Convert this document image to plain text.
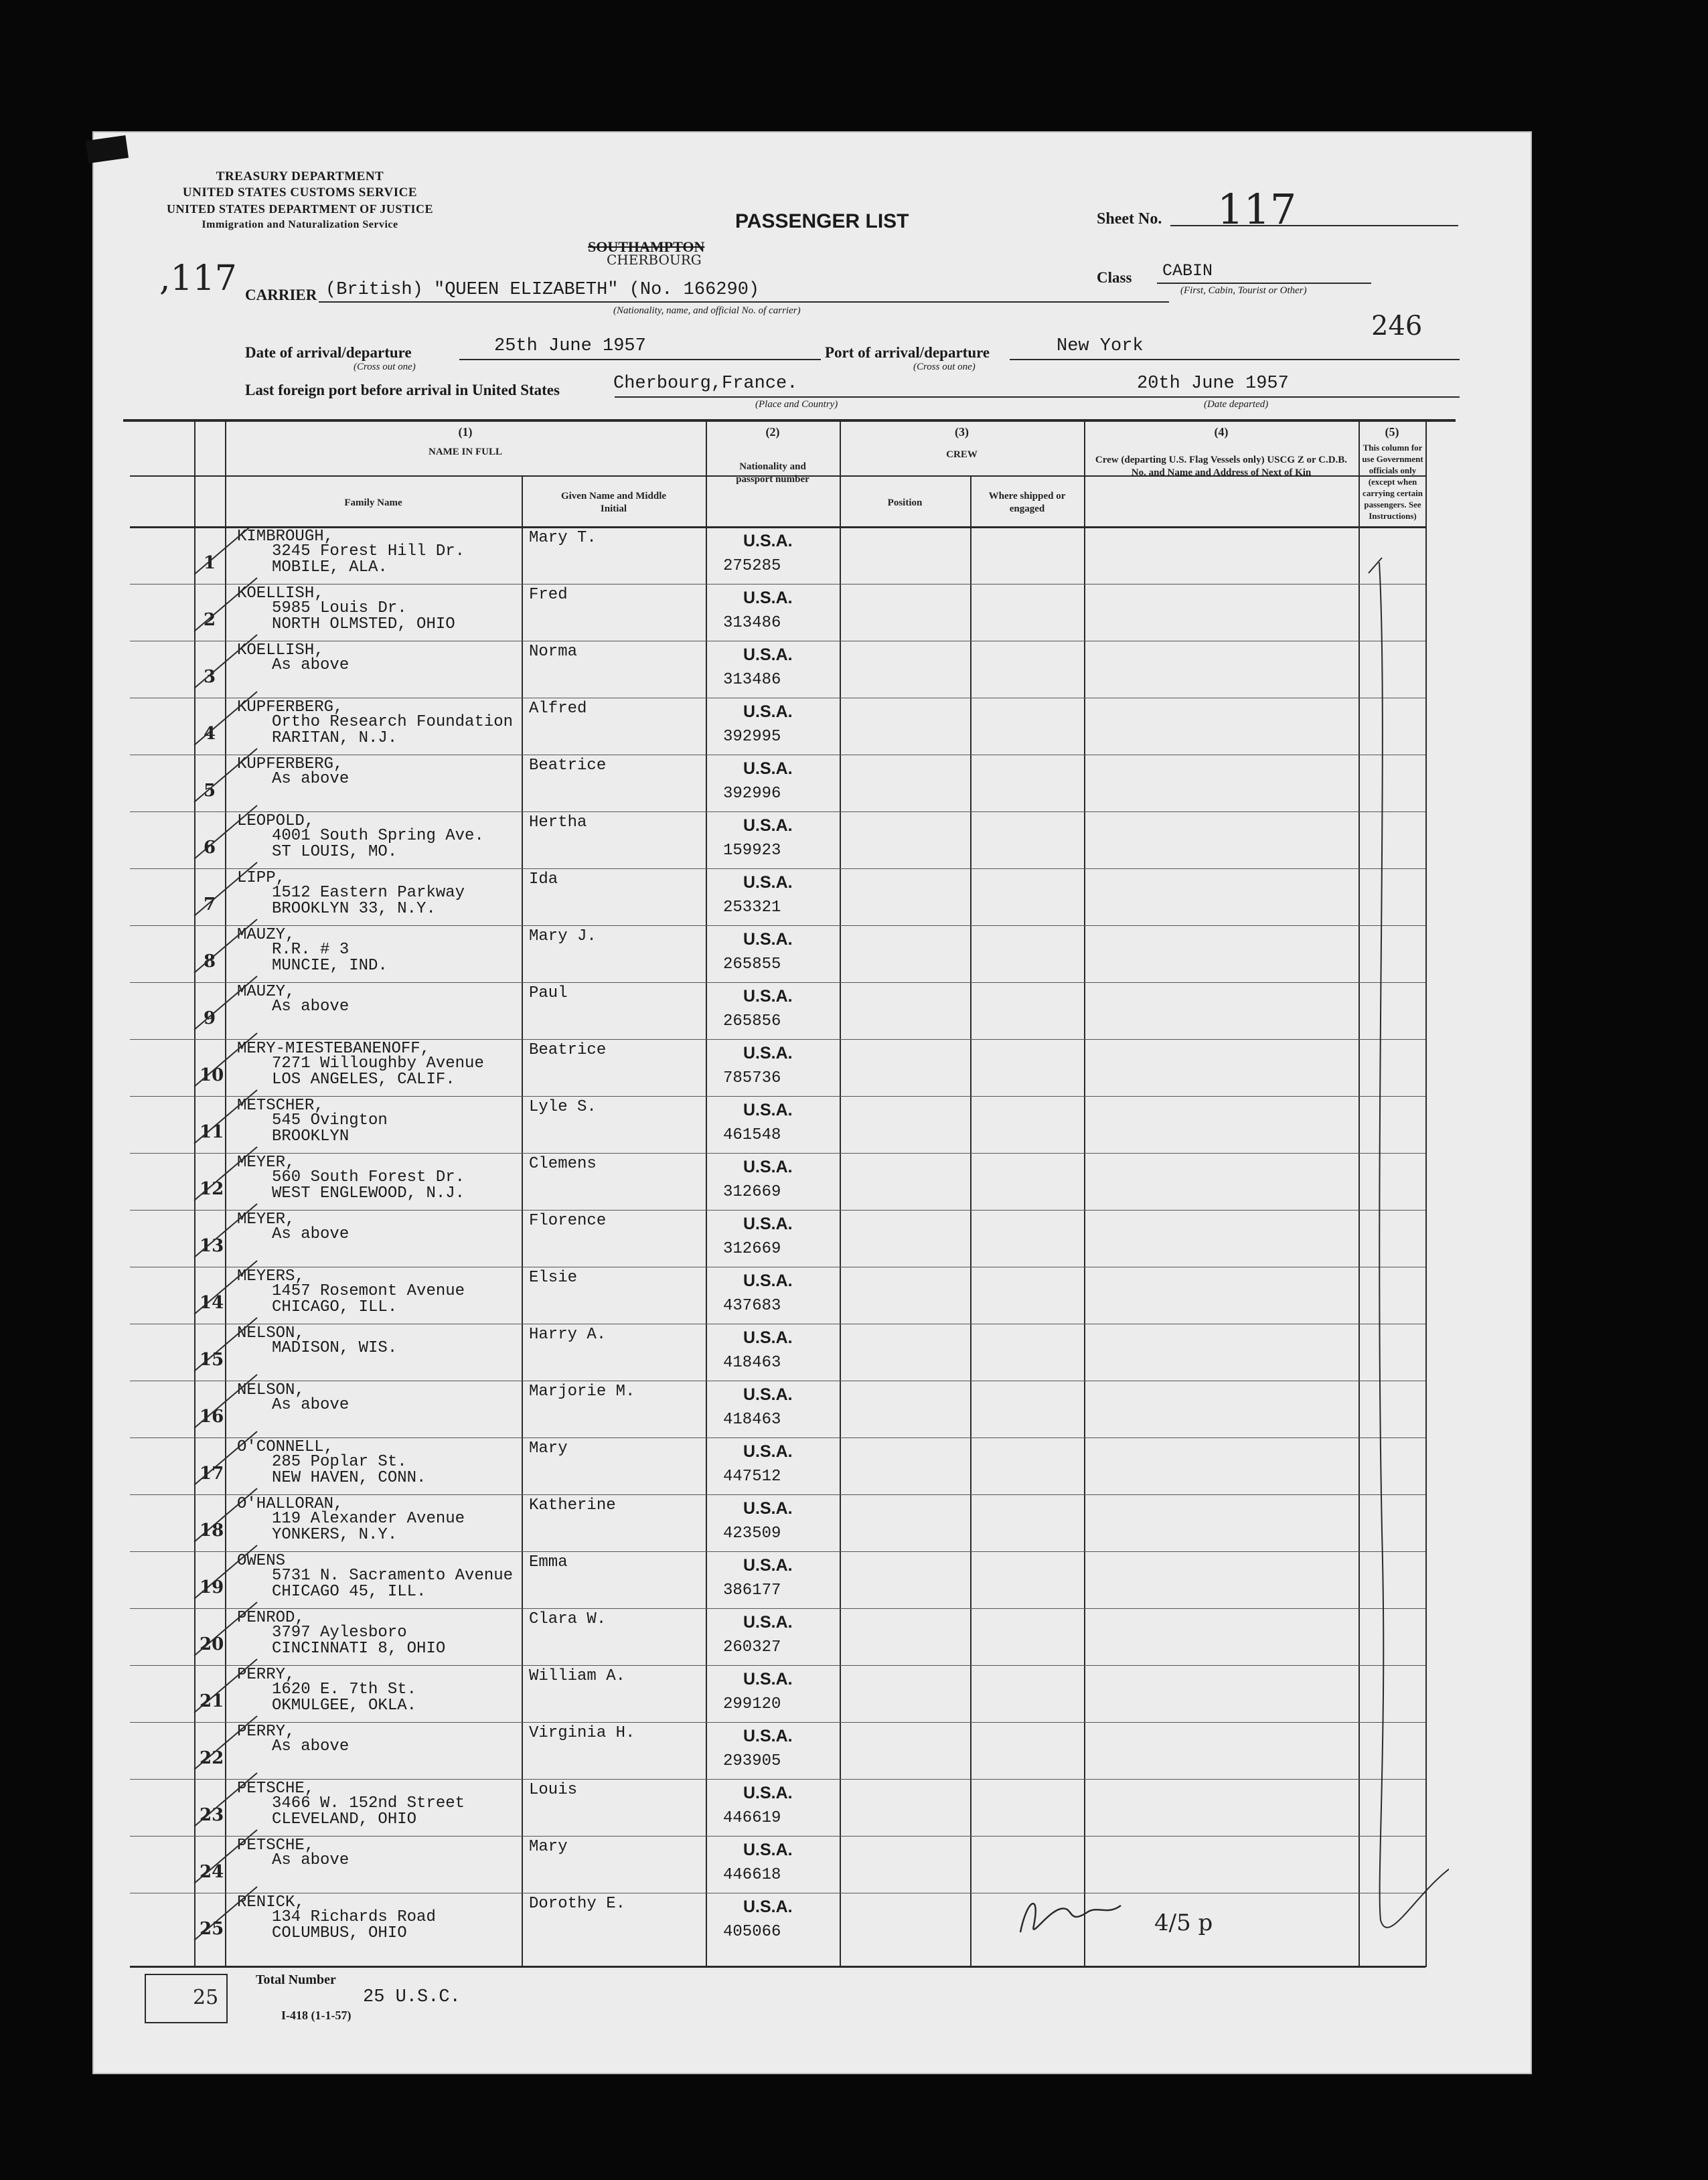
TREASURY DEPARTMENT
UNITED STATES CUSTOMS SERVICE
UNITED STATES DEPARTMENT OF JUSTICE
Immigration and Naturalization Service	PASSENGER LIST	Sheet No. 117
,117
SOUTHAMPTON
CHERBOURG
CARRIER (British) "QUEEN ELIZABETH" (No. 166290)
(Nationality, name, and official No. of carrier)
Class CABIN
(First, Cabin, Tourist or Other)
246
Date of arrival/departure	25th June 1957
(Cross out one)
Port of arrival/departure	New York
(Cross out one)
Last foreign port before arrival in United States	Cherbourg,France.
(Place and Country)
20th June 1957
(Date departed)
(1)
NAME IN FULL
Family Name
Given Name and Middle Initial
(2)
Nationality and passport number
(3)
CREW
Position
Where shipped or engaged
(4)
Crew (departing U.S. Flag Vessels only) USCG Z or C.D.B. No. and Name and Address of Next of Kin
(5)
This column for use Government officials only (except when carrying certain passengers. See Instructions)
1
KIMBROUGH,
3245 Forest Hill Dr.
MOBILE, ALA.
Mary T.	U.S.A.
275285
2
KOELLISH,
5985 Louis Dr.
NORTH OLMSTED, OHIO
Fred	U.S.A.
313486
3
KOELLISH,
As above
Norma	U.S.A.
313486
4
KUPFERBERG,
Ortho Research Foundation
RARITAN, N.J.
Alfred	U.S.A.
392995
5
KUPFERBERG,
As above
Beatrice	U.S.A.
392996
6
LEOPOLD,
4001 South Spring Ave.
ST LOUIS, MO.
Hertha	U.S.A.
159923
7
LIPP,
1512 Eastern Parkway
BROOKLYN 33, N.Y.
Ida	U.S.A.
253321
8
MAUZY,
R.R. # 3
MUNCIE, IND.
Mary J.	U.S.A.
265855
9
MAUZY,
As above
Paul	U.S.A.
265856
10
MERY-MIESTEBANENOFF,
7271 Willoughby Avenue
LOS ANGELES, CALIF.
Beatrice	U.S.A.
785736
11
METSCHER,
545 Ovington
BROOKLYN
Lyle S.	U.S.A.
461548
12
MEYER,
560 South Forest Dr.
WEST ENGLEWOOD, N.J.
Clemens	U.S.A.
312669
13
MEYER,
As above
Florence	U.S.A.
312669
14
MEYERS,
1457 Rosemont Avenue
CHICAGO, ILL.
Elsie	U.S.A.
437683
15
NELSON,
MADISON, WIS.
Harry A.	U.S.A.
418463
16
NELSON,
As above
Marjorie M.	U.S.A.
418463
17
O'CONNELL,
285 Poplar St.
NEW HAVEN, CONN.
Mary	U.S.A.
447512
18
O'HALLORAN,
119 Alexander Avenue
YONKERS, N.Y.
Katherine	U.S.A.
423509
19
OWENS
5731 N. Sacramento Avenue
CHICAGO 45, ILL.
Emma	U.S.A.
386177
20
PENROD,
3797 Aylesboro
CINCINNATI 8, OHIO
Clara W.	U.S.A.
260327
21
PERRY,
1620 E. 7th St.
OKMULGEE, OKLA.
William A.	U.S.A.
299120
22
PERRY,
As above
Virginia H.	U.S.A.
293905
23
PETSCHE,
3466 W. 152nd Street
CLEVELAND, OHIO
Louis	U.S.A.
446619
24
PETSCHE,
As above
Mary	U.S.A.
446618
25
RENICK,
134 Richards Road
COLUMBUS, OHIO
Dorothy E.	U.S.A.
405066	4/5 p
25
Total Number
25 U.S.C.
I-418 (1-1-57)
